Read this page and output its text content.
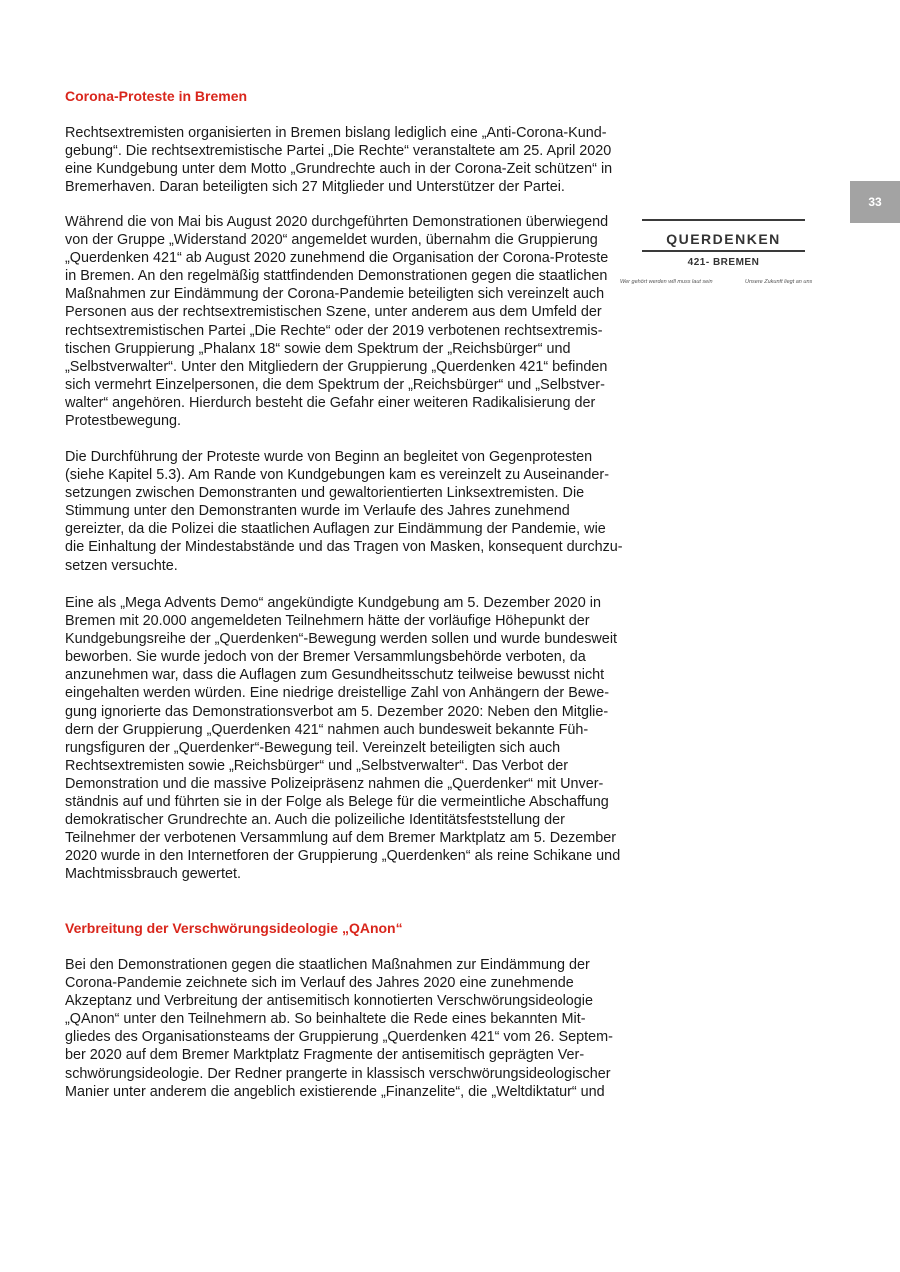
33
QUERDENKEN
421- BREMEN
Wer gehört werden will muss laut sein	Unsere Zukunft liegt an uns
Corona-Proteste in Bremen

Rechtsextremisten organisierten in Bremen bislang lediglich eine „Anti-Corona-Kund-
gebung“. Die rechtsextremistische Partei „Die Rechte“ veranstaltete am 25. April 2020
eine Kundgebung unter dem Motto „Grundrechte auch in der Corona-Zeit schützen“ in
Bremerhaven. Daran beteiligten sich 27 Mitglieder und Unterstützer der Partei.

Während die von Mai bis August 2020 durchgeführten Demonstrationen überwiegend
von der Gruppe „Widerstand 2020“ angemeldet wurden, übernahm die Gruppierung
„Querdenken 421“ ab August 2020 zunehmend die Organisation der Corona-Proteste
in Bremen. An den regelmäßig stattfindenden Demonstrationen gegen die staatlichen
Maßnahmen zur Eindämmung der Corona-Pandemie beteiligten sich vereinzelt auch
Personen aus der rechtsextremistischen Szene, unter anderem aus dem Umfeld der
rechtsextremistischen Partei „Die Rechte“ oder der 2019 verbotenen rechtsextremis-
tischen Gruppierung „Phalanx 18“ sowie dem Spektrum der „Reichsbürger“ und
„Selbstverwalter“. Unter den Mitgliedern der Gruppierung „Querdenken 421“ befinden
sich vermehrt Einzelpersonen, die dem Spektrum der „Reichsbürger“ und „Selbstver-
walter“ angehören. Hierdurch besteht die Gefahr einer weiteren Radikalisierung der
Protestbewegung.

Die Durchführung der Proteste wurde von Beginn an begleitet von Gegenprotesten
(siehe Kapitel 5.3). Am Rande von Kundgebungen kam es vereinzelt zu Auseinander-
setzungen zwischen Demonstranten und gewaltorientierten Linksextremisten. Die
Stimmung unter den Demonstranten wurde im Verlaufe des Jahres zunehmend
gereizter, da die Polizei die staatlichen Auflagen zur Eindämmung der Pandemie, wie
die Einhaltung der Mindestabstände und das Tragen von Masken, konsequent durchzu-
setzen versuchte.

Eine als „Mega Advents Demo“ angekündigte Kundgebung am 5. Dezember 2020 in
Bremen mit 20.000 angemeldeten Teilnehmern hätte der vorläufige Höhepunkt der
Kundgebungsreihe der „Querdenken“-Bewegung werden sollen und wurde bundesweit
beworben. Sie wurde jedoch von der Bremer Versammlungsbehörde verboten, da
anzunehmen war, dass die Auflagen zum Gesundheitsschutz teilweise bewusst nicht
eingehalten werden würden. Eine niedrige dreistellige Zahl von Anhängern der Bewe-
gung ignorierte das Demonstrationsverbot am 5. Dezember 2020: Neben den Mitglie-
dern der Gruppierung „Querdenken 421“ nahmen auch bundesweit bekannte Füh-
rungsfiguren der „Querdenker“-Bewegung teil. Vereinzelt beteiligten sich auch
Rechtsextremisten sowie „Reichsbürger“ und „Selbstverwalter“. Das Verbot der
Demonstration und die massive Polizeipräsenz nahmen die „Querdenker“ mit Unver-
ständnis auf und führten sie in der Folge als Belege für die vermeintliche Abschaffung
demokratischer Grundrechte an. Auch die polizeiliche Identitätsfeststellung der
Teilnehmer der verbotenen Versammlung auf dem Bremer Marktplatz am 5. Dezember
2020 wurde in den Internetforen der Gruppierung „Querdenken“ als reine Schikane und
Machtmissbrauch gewertet.

Verbreitung der Verschwörungsideologie „QAnon“

Bei den Demonstrationen gegen die staatlichen Maßnahmen zur Eindämmung der
Corona-Pandemie zeichnete sich im Verlauf des Jahres 2020 eine zunehmende
Akzeptanz und Verbreitung der antisemitisch konnotierten Verschwörungsideologie
„QAnon“ unter den Teilnehmern ab. So beinhaltete die Rede eines bekannten Mit-
gliedes des Organisationsteams der Gruppierung „Querdenken 421“ vom 26. Septem-
ber 2020 auf dem Bremer Marktplatz Fragmente der antisemitisch geprägten Ver-
schwörungsideologie. Der Redner prangerte in klassisch verschwörungsideologischer
Manier unter anderem die angeblich existierende „Finanzelite“, die „Weltdiktatur“ und
